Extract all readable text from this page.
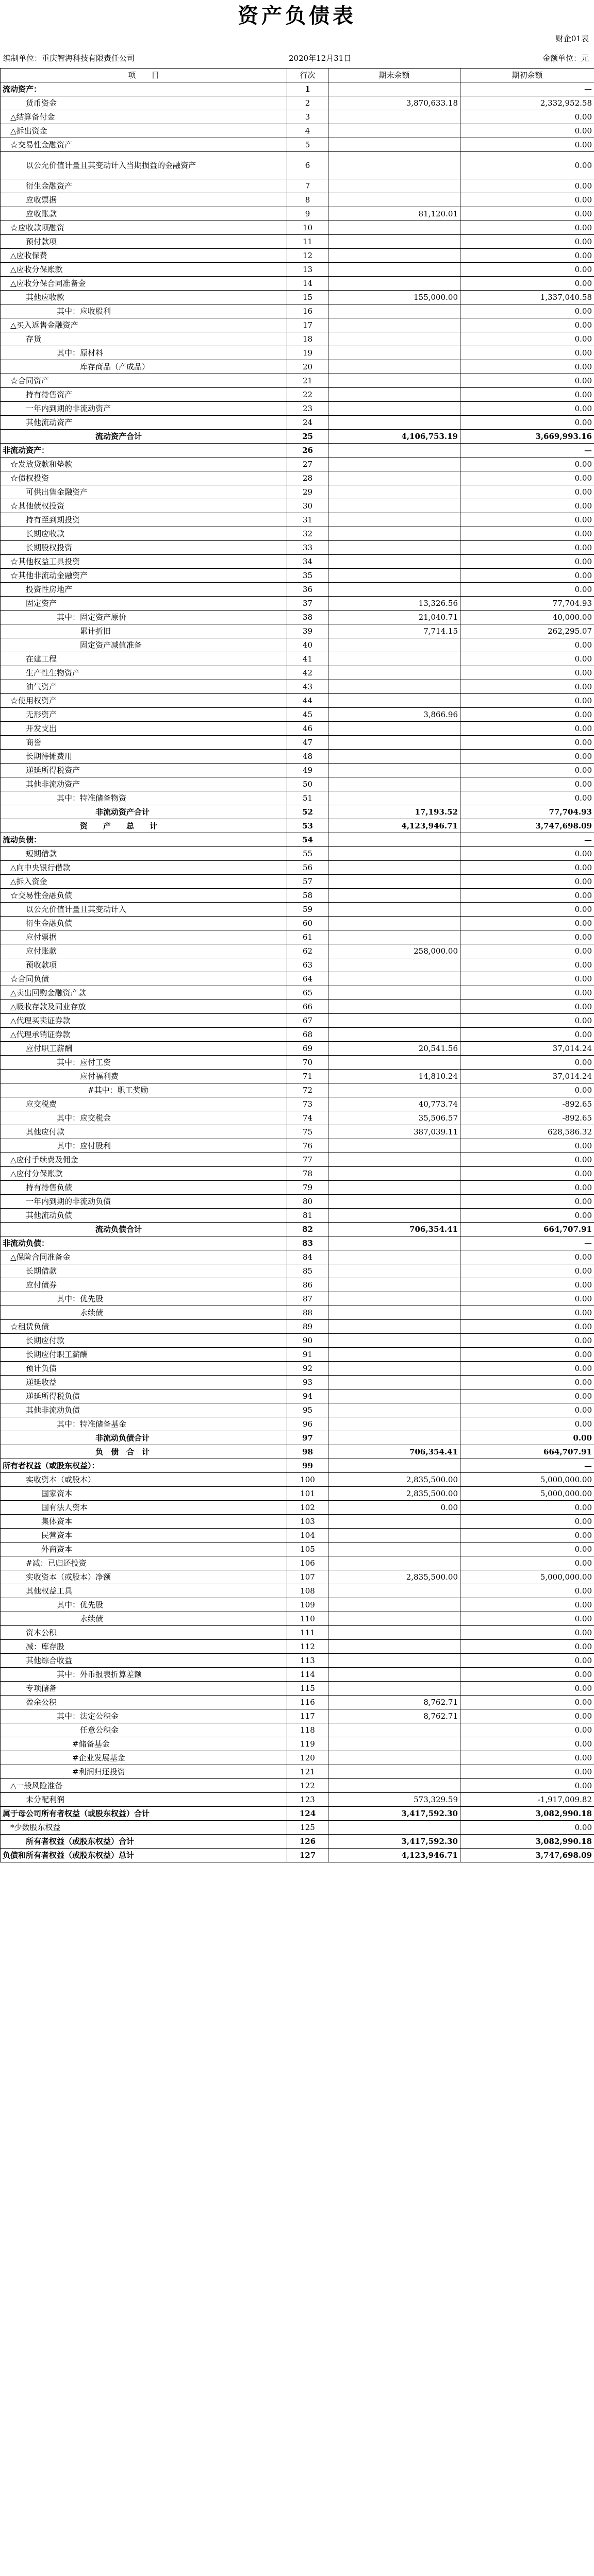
资产负债表
财企01表
编制单位：重庆智海科技有限责任公司	2020年12月31日	金额单位：元
项　　目	行次	期末余额	期初余额
流动资产：	1		—
货币资金	2	3,870,633.18	2,332,952.58
△结算备付金	3		0.00
△拆出资金	4		0.00
☆交易性金融资产	5		0.00
以公允价值计量且其变动计入当期损益的金融资产	6		0.00
衍生金融资产	7		0.00
应收票据	8		0.00
应收账款	9	81,120.01	0.00
☆应收款项融资	10		0.00
预付款项	11		0.00
△应收保费	12		0.00
△应收分保账款	13		0.00
△应收分保合同准备金	14		0.00
其他应收款	15	155,000.00	1,337,040.58
其中：应收股利	16		0.00
△买入返售金融资产	17		0.00
存货	18		0.00
其中：原材料	19		0.00
库存商品（产成品）	20		0.00
☆合同资产	21		0.00
持有待售资产	22		0.00
一年内到期的非流动资产	23		0.00
其他流动资产	24		0.00
流动资产合计	25	4,106,753.19	3,669,993.16
非流动资产：	26		—
☆发放贷款和垫款	27		0.00
☆债权投资	28		0.00
可供出售金融资产	29		0.00
☆其他债权投资	30		0.00
持有至到期投资	31		0.00
长期应收款	32		0.00
长期股权投资	33		0.00
☆其他权益工具投资	34		0.00
☆其他非流动金融资产	35		0.00
投资性房地产	36		0.00
固定资产	37	13,326.56	77,704.93
其中：固定资产原价	38	21,040.71	40,000.00
累计折旧	39	7,714.15	262,295.07
固定资产减值准备	40		0.00
在建工程	41		0.00
生产性生物资产	42		0.00
油气资产	43		0.00
☆使用权资产	44		0.00
无形资产	45	3,866.96	0.00
开发支出	46		0.00
商誉	47		0.00
长期待摊费用	48		0.00
递延所得税资产	49		0.00
其他非流动资产	50		0.00
其中：特准储备物资	51		0.00
非流动资产合计	52	17,193.52	77,704.93
资　　产　　总　　计	53	4,123,946.71	3,747,698.09
流动负债：	54		—
短期借款	55		0.00
△向中央银行借款	56		0.00
△拆入资金	57		0.00
☆交易性金融负债	58		0.00
以公允价值计量且其变动计入	59		0.00
衍生金融负债	60		0.00
应付票据	61		0.00
应付账款	62	258,000.00	0.00
预收款项	63		0.00
☆合同负债	64		0.00
△卖出回购金融资产款	65		0.00
△吸收存款及同业存放	66		0.00
△代理买卖证券款	67		0.00
△代理承销证券款	68		0.00
应付职工薪酬	69	20,541.56	37,014.24
其中：应付工资	70		0.00
应付福利费	71	14,810.24	37,014.24
#其中：职工奖励	72		0.00
应交税费	73	40,773.74	-892.65
其中：应交税金	74	35,506.57	-892.65
其他应付款	75	387,039.11	628,586.32
其中：应付股利	76		0.00
△应付手续费及佣金	77		0.00
△应付分保账款	78		0.00
持有待售负债	79		0.00
一年内到期的非流动负债	80		0.00
其他流动负债	81		0.00
流动负债合计	82	706,354.41	664,707.91
非流动负债：	83		—
△保险合同准备金	84		0.00
长期借款	85		0.00
应付债券	86		0.00
其中：优先股	87		0.00
永续债	88		0.00
☆租赁负债	89		0.00
长期应付款	90		0.00
长期应付职工薪酬	91		0.00
预计负债	92		0.00
递延收益	93		0.00
递延所得税负债	94		0.00
其他非流动负债	95		0.00
其中：特准储备基金	96		0.00
非流动负债合计	97		0.00
负　债　合　计	98	706,354.41	664,707.91
所有者权益（或股东权益）：	99		—
实收资本（或股本）	100	2,835,500.00	5,000,000.00
国家资本	101	2,835,500.00	5,000,000.00
国有法人资本	102	0.00	0.00
集体资本	103		0.00
民营资本	104		0.00
外商资本	105		0.00
#减：已归还投资	106		0.00
实收资本（或股本）净额	107	2,835,500.00	5,000,000.00
其他权益工具	108		0.00
其中：优先股	109		0.00
永续债	110		0.00
资本公积	111		0.00
减：库存股	112		0.00
其他综合收益	113		0.00
其中：外币报表折算差额	114		0.00
专项储备	115		0.00
盈余公积	116	8,762.71	0.00
其中：法定公积金	117	8,762.71	0.00
任意公积金	118		0.00
#储备基金	119		0.00
#企业发展基金	120		0.00
#利润归还投资	121		0.00
△一般风险准备	122		0.00
未分配利润	123	573,329.59	-1,917,009.82
属于母公司所有者权益（或股东权益）合计	124	3,417,592.30	3,082,990.18
*少数股东权益	125		0.00
所有者权益（或股东权益）合计	126	3,417,592.30	3,082,990.18
负债和所有者权益（或股东权益）总计	127	4,123,946.71	3,747,698.09
